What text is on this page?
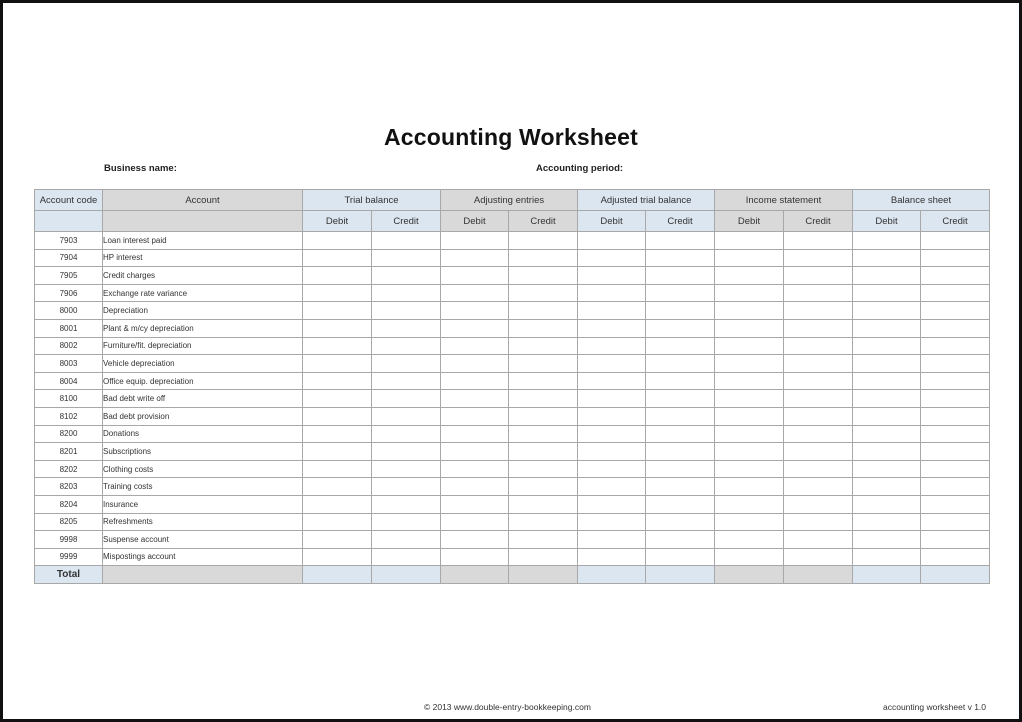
Accounting Worksheet
Business name:	Accounting period:
Account code	Account	Trial balance		Adjusting entries		Adjusted trial balance		Income statement		Balance sheet	
		Debit	Credit	Debit	Credit	Debit	Credit	Debit	Credit	Debit	Credit
7903	Loan interest paid										
7904	HP interest										
7905	Credit charges										
7906	Exchange rate variance										
8000	Depreciation										
8001	Plant & m/cy depreciation										
8002	Furniture/fit. depreciation										
8003	Vehicle depreciation										
8004	Office equip. depreciation										
8100	Bad debt write off										
8102	Bad debt provision										
8200	Donations										
8201	Subscriptions										
8202	Clothing costs										
8203	Training costs										
8204	Insurance										
8205	Refreshments										
9998	Suspense account										
9999	Mispostings account										
Total											
© 2013 www.double-entry-bookkeeping.com	accounting worksheet v 1.0
